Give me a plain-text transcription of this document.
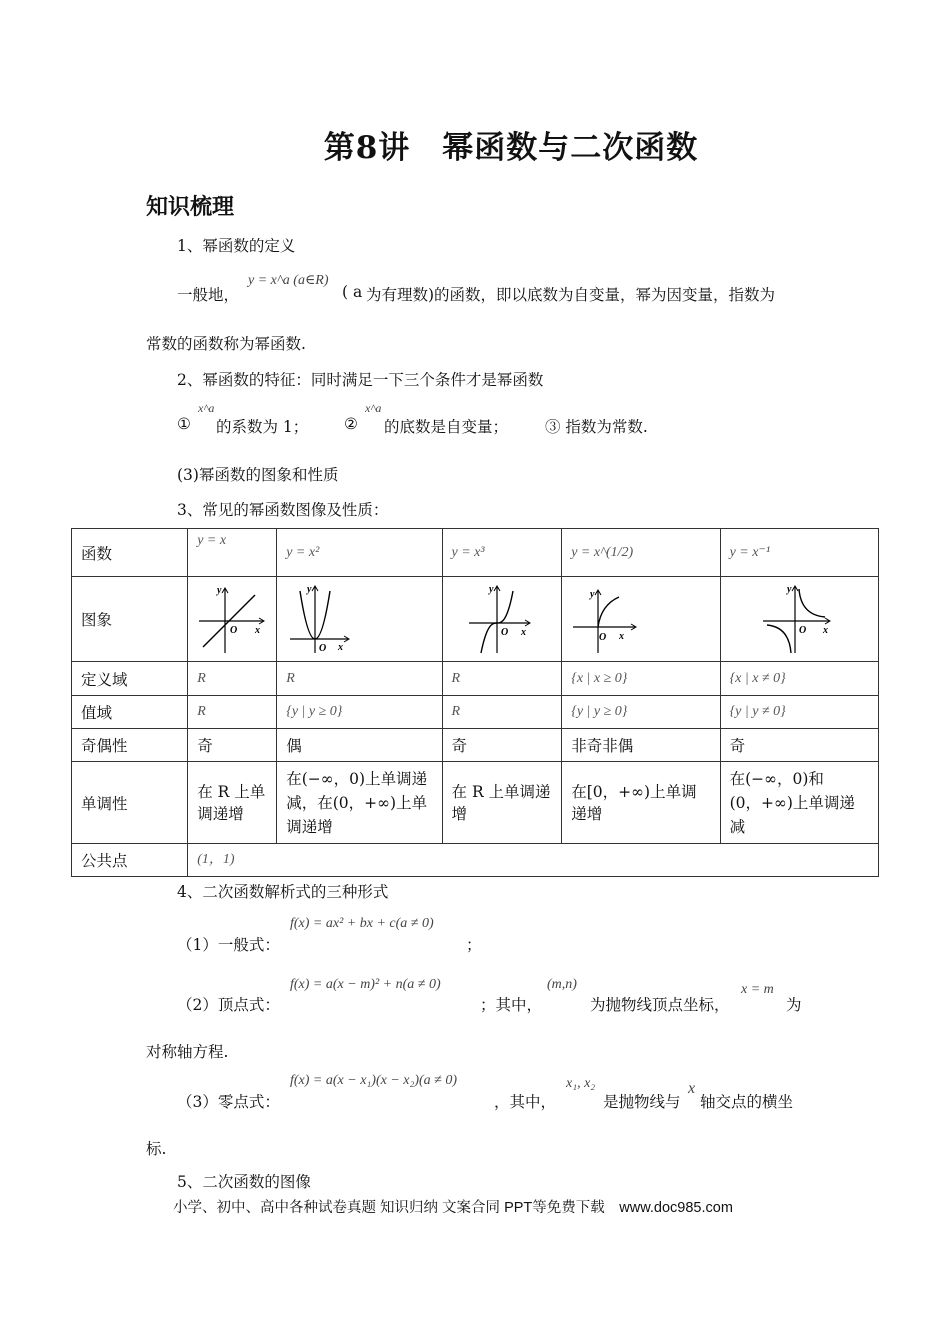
第8讲　幂函数与二次函数
知识梳理
1、幂函数的定义
一般地，
y = x^a (a∈R)
( a 为有理数)的函数，即以底数为自变量，幂为因变量，指数为
常数的函数称为幂函数.
2、幂函数的特征：同时满足一下三个条件才是幂函数
①
x^a
的系数为 1； ②
x^a
的底数是自变量； ③ 指数为常数.
(3)幂函数的图象和性质
3、常见的幂函数图像及性质：
函数	y = x	y = x²	y = x³	y = x^(1/2)	y = x⁻¹
图象	y
x
O	y
x
O	y
x
O	y
x
O	y
x
O

定义域	R	R	R	{x | x ≥ 0}	{x | x ≠ 0}
值域	R	{y | y ≥ 0}	R	{y | y ≥ 0}	{y | y ≠ 0}
奇偶性	奇	偶	奇	非奇非偶	奇
单调性	在 R 上单调递增	在(−∞，0)上单调递减，在(0，+∞)上单调递增	在 R 上单调递增	在[0，+∞)上单调递增	在(−∞，0)和(0，+∞)上单调递减
公共点	(1，1)				
4、二次函数解析式的三种形式
（1）一般式：
f(x) = ax² + bx + c(a ≠ 0)
；
（2）顶点式：
f(x) = a(x − m)² + n(a ≠ 0)
；其中，
(m,n)
为抛物线顶点坐标，
x = m
为
对称轴方程.
（3）零点式：
f(x) = a(x − x₁)(x − x₂)(a ≠ 0)
，其中，
x₁, x₂
是抛物线与
x
轴交点的横坐
标.
5、二次函数的图像
小学、初中、高中各种试卷真题 知识归纳 文案合同 PPT等免费下载　www.doc985.com
